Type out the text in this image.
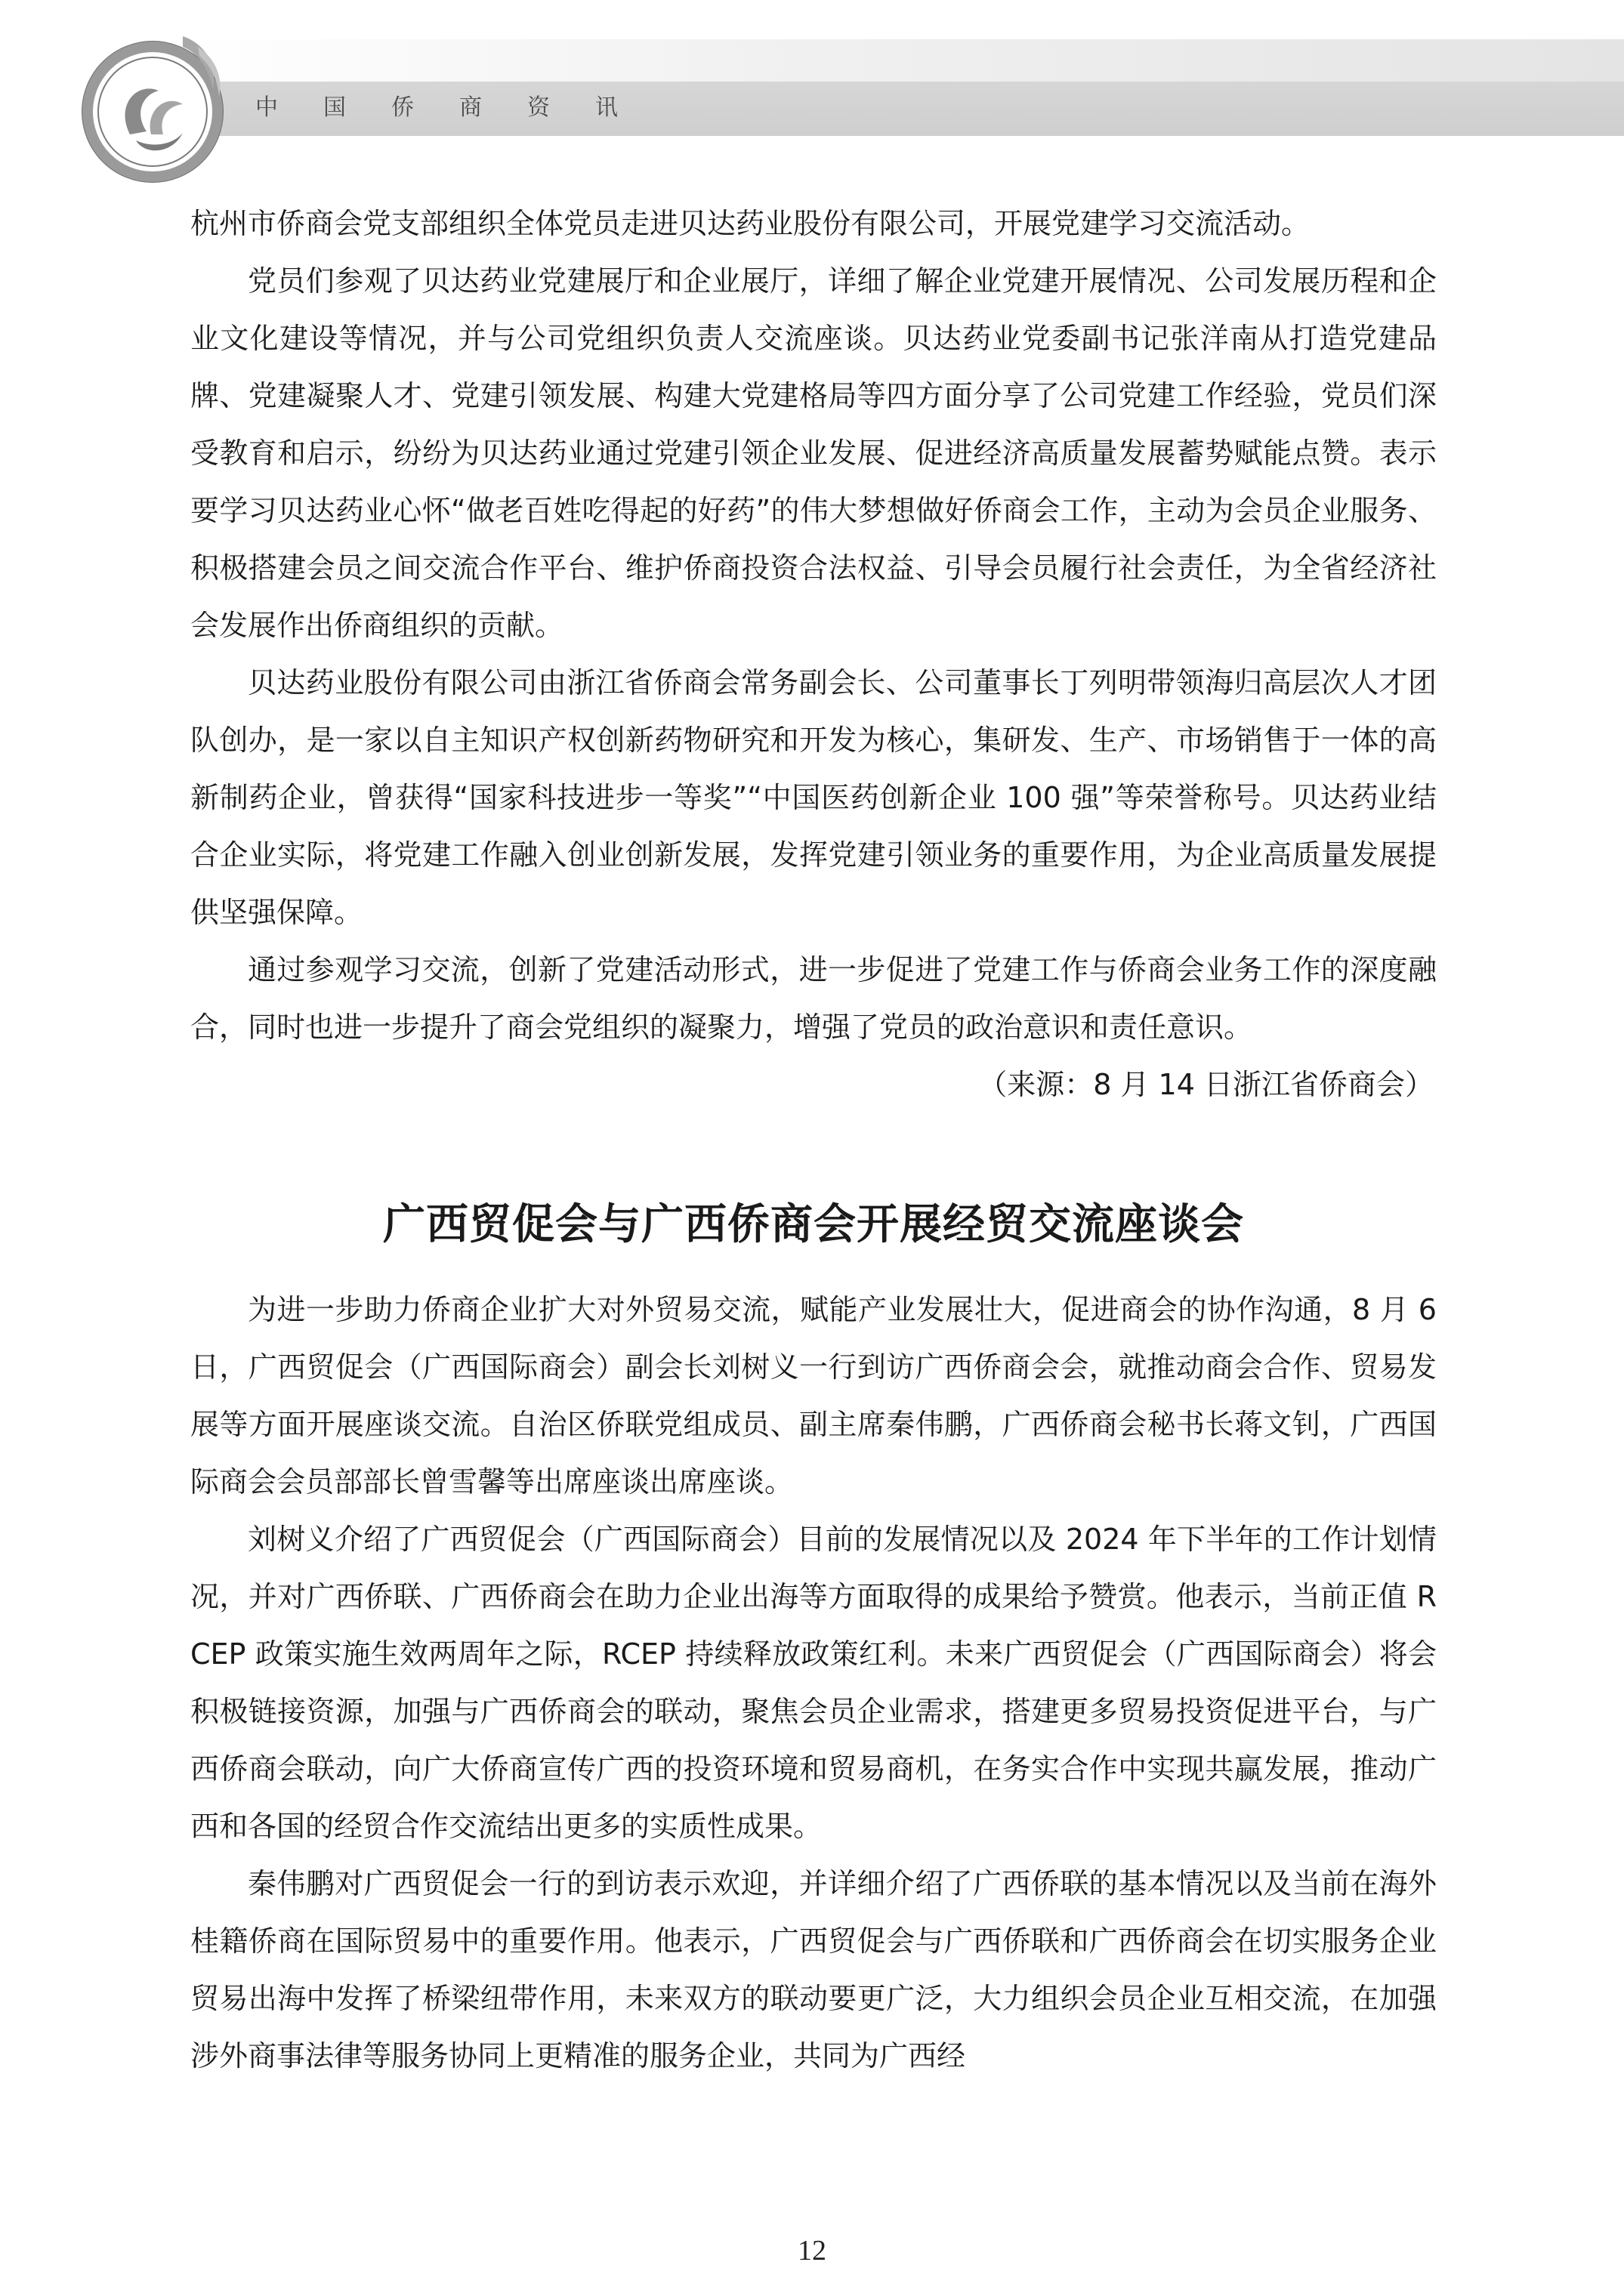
中国侨商资讯

杭州市侨商会党支部组织全体党员走进贝达药业股份有限公司，开展党建学习交流活动。

党员们参观了贝达药业党建展厅和企业展厅，详细了解企业党建开展情况、公司发展历程和企业文化建设等情况，并与公司党组织负责人交流座谈。贝达药业党委副书记张洋南从打造党建品牌、党建凝聚人才、党建引领发展、构建大党建格局等四方面分享了公司党建工作经验，党员们深受教育和启示，纷纷为贝达药业通过党建引领企业发展、促进经济高质量发展蓄势赋能点赞。表示要学习贝达药业心怀“做老百姓吃得起的好药”的伟大梦想做好侨商会工作，主动为会员企业服务、积极搭建会员之间交流合作平台、维护侨商投资合法权益、引导会员履行社会责任，为全省经济社会发展作出侨商组织的贡献。

贝达药业股份有限公司由浙江省侨商会常务副会长、公司董事长丁列明带领海归高层次人才团队创办，是一家以自主知识产权创新药物研究和开发为核心，集研发、生产、市场销售于一体的高新制药企业，曾获得“国家科技进步一等奖”“中国医药创新企业 100 强”等荣誉称号。贝达药业结合企业实际，将党建工作融入创业创新发展，发挥党建引领业务的重要作用，为企业高质量发展提供坚强保障。

通过参观学习交流，创新了党建活动形式，进一步促进了党建工作与侨商会业务工作的深度融合，同时也进一步提升了商会党组织的凝聚力，增强了党员的政治意识和责任意识。

（来源：8 月 14 日浙江省侨商会）

广西贸促会与广西侨商会开展经贸交流座谈会

为进一步助力侨商企业扩大对外贸易交流，赋能产业发展壮大，促进商会的协作沟通，8 月 6 日，广西贸促会（广西国际商会）副会长刘树义一行到访广西侨商会会，就推动商会合作、贸易发展等方面开展座谈交流。自治区侨联党组成员、副主席秦伟鹏，广西侨商会秘书长蒋文钊，广西国际商会会员部部长曾雪馨等出席座谈出席座谈。

刘树义介绍了广西贸促会（广西国际商会）目前的发展情况以及 2024 年下半年的工作计划情况，并对广西侨联、广西侨商会在助力企业出海等方面取得的成果给予赞赏。他表示，当前正值 RCEP 政策实施生效两周年之际，RCEP 持续释放政策红利。未来广西贸促会（广西国际商会）将会积极链接资源，加强与广西侨商会的联动，聚焦会员企业需求，搭建更多贸易投资促进平台，与广西侨商会联动，向广大侨商宣传广西的投资环境和贸易商机，在务实合作中实现共赢发展，推动广西和各国的经贸合作交流结出更多的实质性成果。

秦伟鹏对广西贸促会一行的到访表示欢迎，并详细介绍了广西侨联的基本情况以及当前在海外桂籍侨商在国际贸易中的重要作用。他表示，广西贸促会与广西侨联和广西侨商会在切实服务企业贸易出海中发挥了桥梁纽带作用，未来双方的联动要更广泛，大力组织会员企业互相交流，在加强涉外商事法律等服务协同上更精准的服务企业，共同为广西经

12
